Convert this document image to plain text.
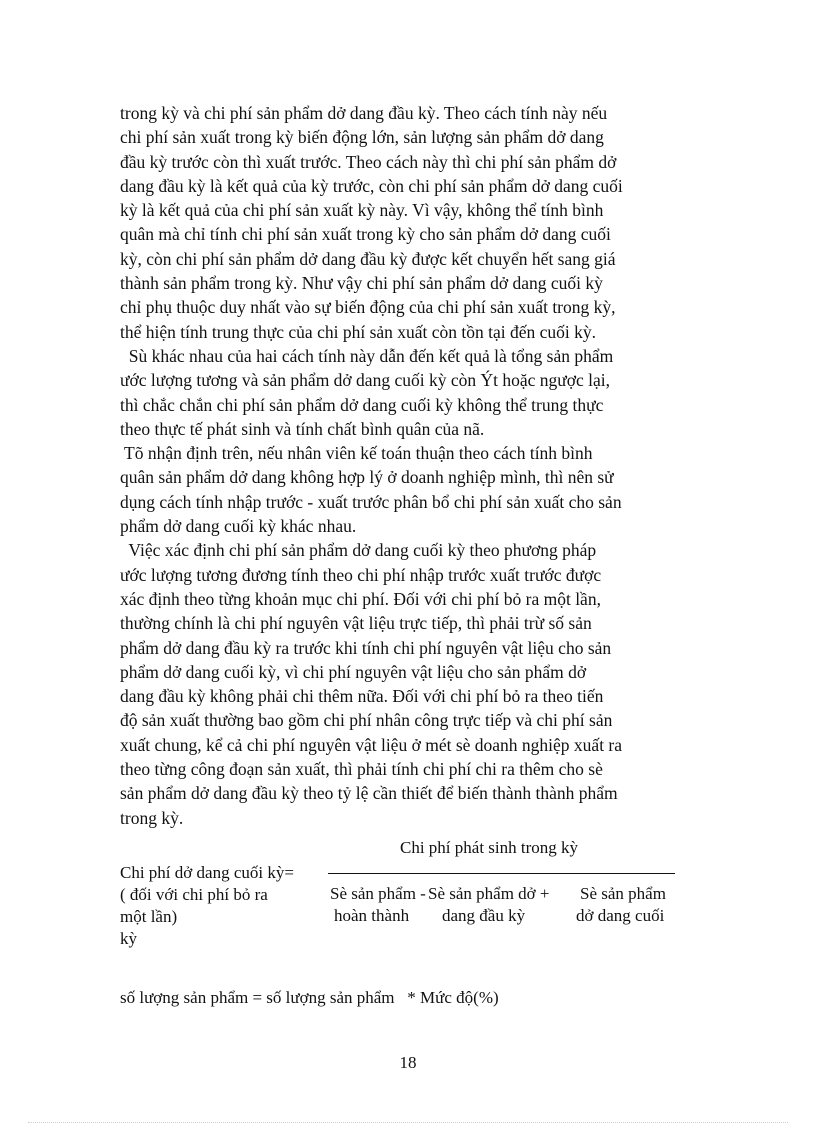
trong kỳ và chi phí sản phẩm dở dang đầu kỳ. Theo cách tính này nếu
chi phí sản xuất trong kỳ biến động lớn, sản lượng sản phẩm dở dang
đầu kỳ trước còn thì xuất trước. Theo cách này thì chi phí sản phẩm dở
dang đầu kỳ là kết quả của kỳ trước, còn chi phí sản phẩm dở dang cuối
kỳ là kết quả của chi phí sản xuất kỳ này. Vì vậy, không thể tính bình
quân mà chỉ tính chi phí sản xuất trong kỳ cho sản phẩm dở dang cuối
kỳ, còn chi phí sản phẩm dở dang đầu kỳ được kết chuyển hết sang giá
thành sản phẩm trong kỳ. Như vậy chi phí sản phẩm dở dang cuối kỳ
chỉ phụ thuộc duy nhất vào sự biến động của chi phí sản xuất trong kỳ,
thể hiện tính trung thực của chi phí sản xuất còn tồn tại đến cuối kỳ.
Sù khác nhau của hai cách tính này dẫn đến kết quả là tổng sản phẩm
ước lượng tương và sản phẩm dở dang cuối kỳ còn Ýt hoặc ngược lại,
thì chắc chắn chi phí sản phẩm dở dang cuối kỳ không thể trung thực
theo thực tế phát sinh và tính chất bình quân của nã.
Tõ nhận định trên, nếu nhân viên kế toán thuận theo cách tính bình
quân sản phẩm dở dang không hợp lý ở doanh nghiệp mình, thì nên sử
dụng cách tính nhập trước - xuất trước phân bổ chi phí sản xuất cho sản
phẩm dở dang cuối kỳ khác nhau.
Việc xác định chi phí sản phẩm dở dang cuối kỳ theo phương pháp
ước lượng tương đương tính theo chi phí nhập trước xuất trước được
xác định theo từng khoản mục chi phí. Đối với chi phí bỏ ra một lần,
thường chính là chi phí nguyên vật liệu trực tiếp, thì phải trừ số sản
phẩm dở dang đầu kỳ ra trước khi tính chi phí nguyên vật liệu cho sản
phẩm dở dang cuối kỳ, vì chi phí nguyên vật liệu cho sản phẩm dở
dang đầu kỳ không phải chi thêm nữa. Đối với chi phí bỏ ra theo tiến
độ sản xuất thường bao gồm chi phí nhân công trực tiếp và chi phí sản
xuất chung, kể cả chi phí nguyên vật liệu ở mét sè doanh nghiệp xuất ra
theo từng công đoạn sản xuất, thì phải tính chi phí chi ra thêm cho sè
sản phẩm dở dang đầu kỳ theo tỷ lệ cần thiết để biến thành thành phẩm
trong kỳ.
Chi phí phát sinh trong kỳ
Chi phí dở dang cuối kỳ=
( đối với chi phí bỏ ra
một lần)
kỳ
Sè sản phẩm -
hoàn thành
Sè sản phẩm dở +
dang đầu kỳ
Sè sản phẩm
dở dang cuối
số lượng sản phẩm = số lượng sản phẩm   * Mức độ(%)
18
